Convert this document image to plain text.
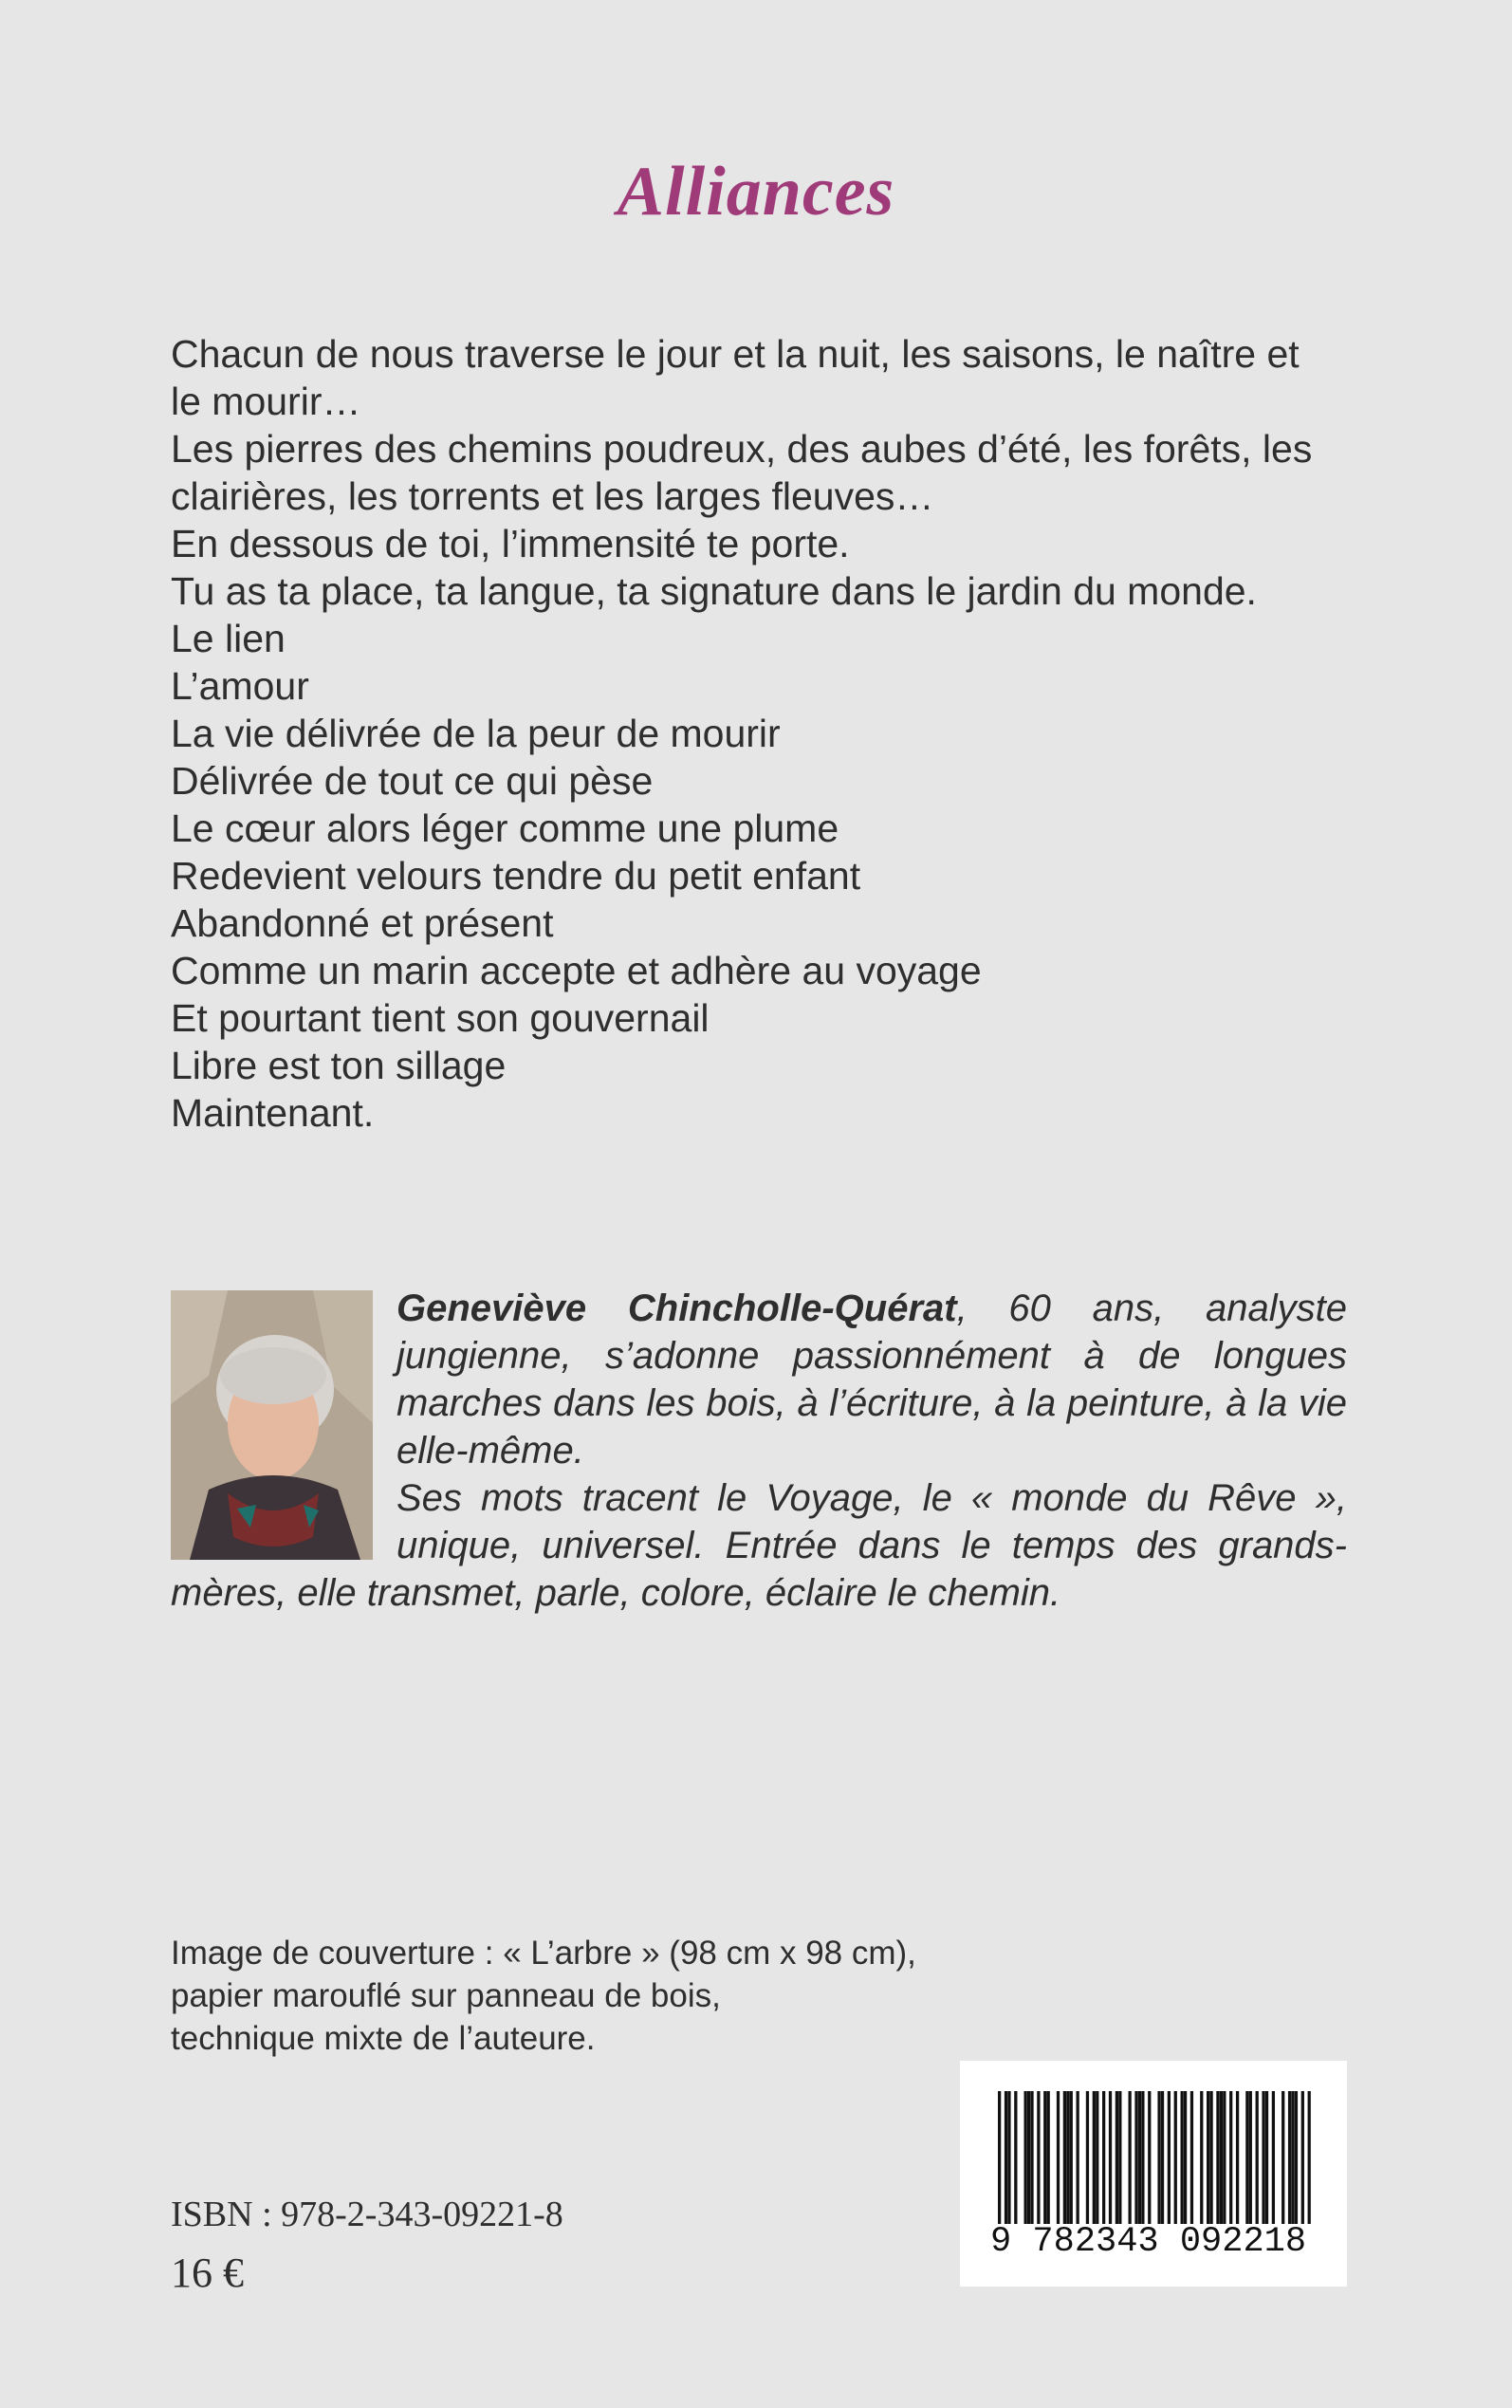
Alliances
Chacun de nous traverse le jour et la nuit, les saisons, le naître et
le mourir…
Les pierres des chemins poudreux, des aubes d’été, les forêts, les
clairières, les torrents et les larges fleuves…
En dessous de toi, l’immensité te porte.
Tu as ta place, ta langue, ta signature dans le jardin du monde.
Le lien
L’amour
La vie délivrée de la peur de mourir
Délivrée de tout ce qui pèse
Le cœur alors léger comme une plume
Redevient velours tendre du petit enfant
Abandonné et présent
Comme un marin accepte et adhère au voyage
Et pourtant tient son gouvernail
Libre est ton sillage
Maintenant.

Geneviève Chincholle-Quérat, 60 ans, analyste jungienne, s’adonne passionnément à de longues marches dans les bois, à l’écriture, à la peinture, à la vie elle-même.

Ses mots tracent le Voyage, le « monde du Rêve », unique, universel. Entrée dans le temps des grands-mères, elle transmet, parle, colore, éclaire le chemin.

Image de couverture : « L’arbre » (98 cm x 98 cm),
papier marouflé sur panneau de bois,
technique mixte de l’auteure.
ISBN : 978-2-343-09221-8
16 €
9 782343 092218
